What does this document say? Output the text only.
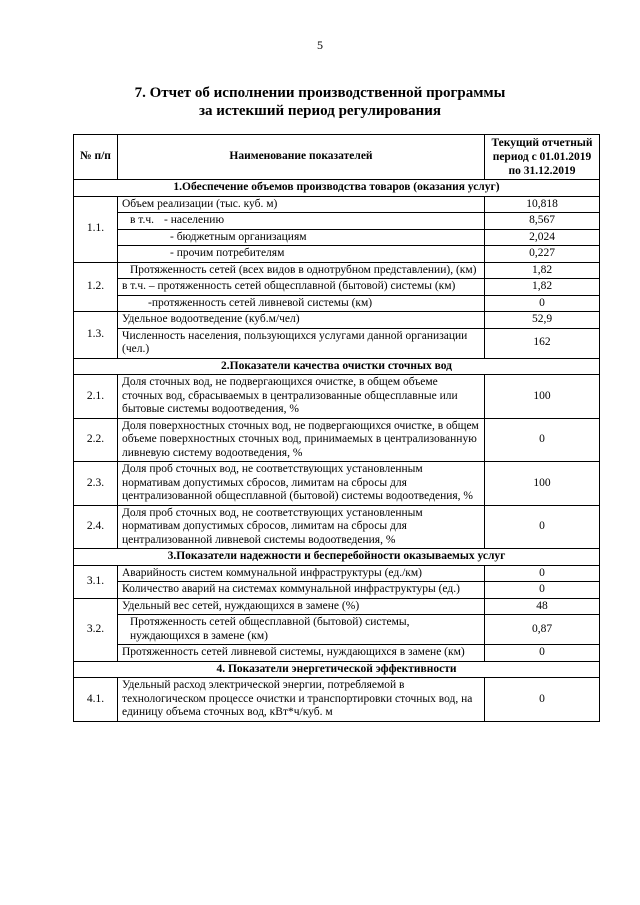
5
7. Отчет об исполнении производственной программы
за истекший период регулирования
№ п/п	Наименование показателей	Текущий отчетный период с 01.01.2019 по 31.12.2019
1.Обеспечение объемов производства товаров (оказания услуг)		
1.1.	Объем реализации (тыс. куб. м)	10,818
	в т.ч. - населению	8,567
	- бюджетным организациям	2,024
	- прочим потребителям	0,227
1.2.	Протяженность сетей (всех видов в однотрубном представлении), (км)	1,82
	в т.ч. – протяженность сетей общесплавной (бытовой) системы (км)	1,82
	-протяженность сетей ливневой системы (км)	0
1.3.	Удельное водоотведение (куб.м/чел)	52,9
	Численность населения, пользующихся услугами данной организации (чел.)	162
2.Показатели качества очистки сточных вод		
2.1.	Доля сточных вод, не подвергающихся очистке, в общем объеме сточных вод, сбрасываемых в централизованные общесплавные или бытовые системы водоотведения, %	100
2.2.	Доля поверхностных сточных вод, не подвергающихся очистке, в общем объеме поверхностных сточных вод, принимаемых в централизованную ливневую систему водоотведения, %	0
2.3.	Доля проб сточных вод, не соответствующих установленным нормативам допустимых сбросов, лимитам на сбросы для централизованной общесплавной (бытовой) системы водоотведения, %	100
2.4.	Доля проб сточных вод, не соответствующих установленным нормативам допустимых сбросов, лимитам на сбросы для централизованной ливневой системы водоотведения, %	0
3.Показатели надежности и бесперебойности оказываемых услуг		
3.1.	Аварийность систем коммунальной инфраструктуры (ед./км)	0
	Количество аварий на системах коммунальной инфраструктуры (ед.)	0
3.2.	Удельный вес сетей, нуждающихся в замене (%)	48
	Протяженность сетей общесплавной (бытовой) системы, нуждающихся в замене (км)	0,87
	Протяженность сетей ливневой системы, нуждающихся в замене (км)	0
4. Показатели энергетической эффективности		
4.1.	Удельный расход электрической энергии, потребляемой в технологическом процессе очистки и транспортировки сточных вод, на единицу объема сточных вод, кВт*ч/куб. м	0
